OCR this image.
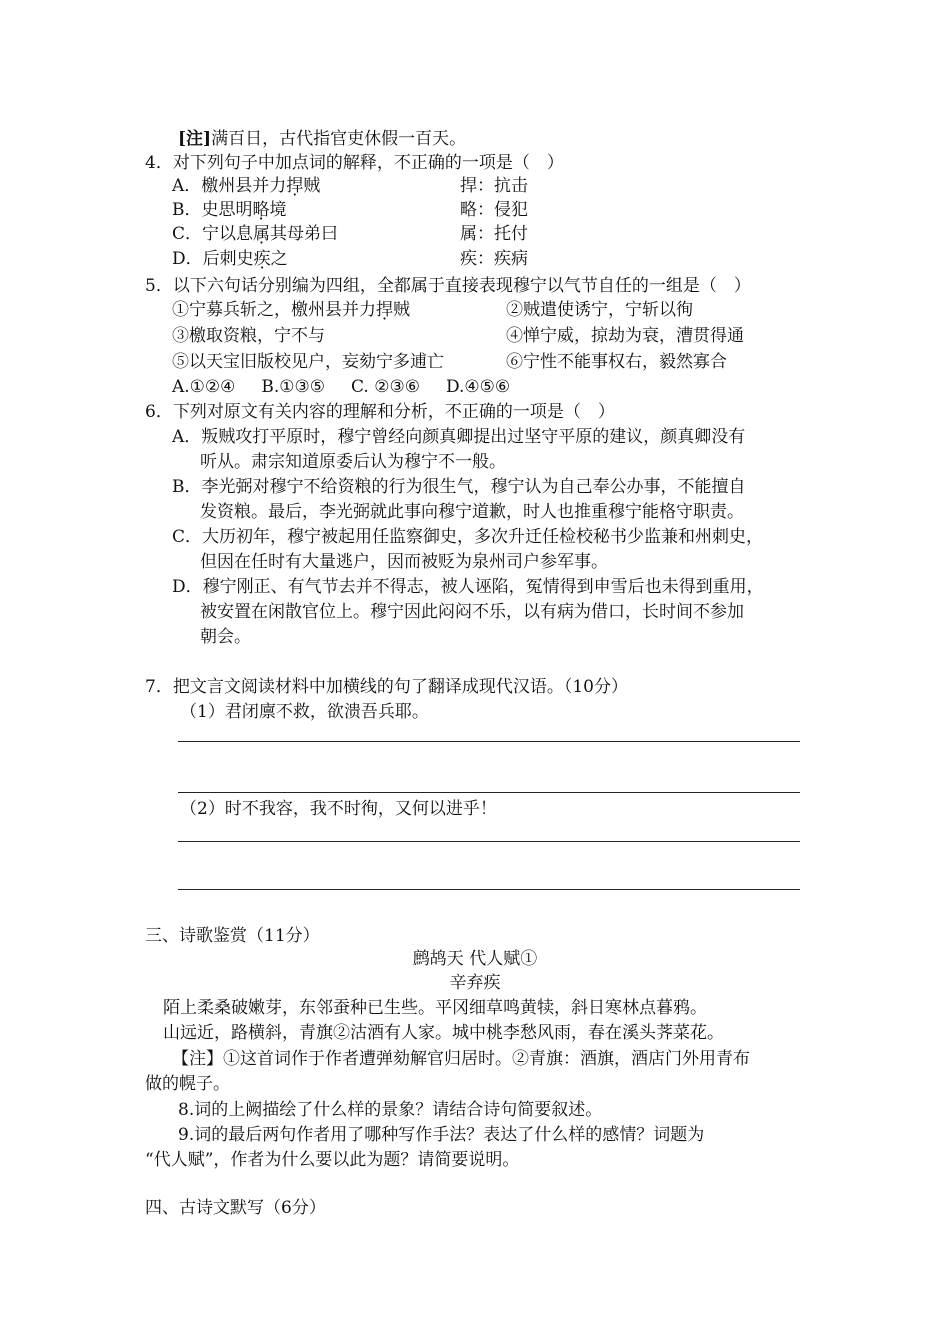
[注]满百日，古代指官吏休假一百天。
4．对下列句子中加点词的解释，不正确的一项是（　）
A．檄州县并力捍贼	捍：抗击
B．史思明略境	略：侵犯
C．宁以息属其母弟曰	属：托付
D．后刺史疾之	疾：疾病
5．以下六句话分别编为四组，全都属于直接表现穆宁以气节自任的一组是（　）
①宁募兵斩之，檄州县并力捍贼	②贼遣使诱宁，宁斩以徇
③檄取资粮，宁不与	④惮宁威，掠劫为衰，漕贯得通
⑤以天宝旧版校见户，妄劾宁多逋亡	⑥宁性不能事权右，毅然寡合
A.①②④ B.①③⑤ C. ②③⑥ D.④⑤⑥
6．下列对原文有关内容的理解和分析，不正确的一项是（　）
A．叛贼攻打平原时，穆宁曾经向颜真卿提出过坚守平原的建议，颜真卿没有
听从。肃宗知道原委后认为穆宁不一般。
B．李光弼对穆宁不给资粮的行为很生气，穆宁认为自己奉公办事，不能擅自
发资粮。最后，李光弼就此事向穆宁道歉，时人也推重穆宁能格守职责。
C．大历初年，穆宁被起用任监察御史，多次升迁任检校秘书少监兼和州刺史，
但因在任时有大量逃户，因而被贬为泉州司户参军事。
D．穆宁刚正、有气节去并不得志，被人诬陷，冤情得到申雪后也未得到重用，
被安置在闲散官位上。穆宁因此闷闷不乐，以有病为借口，长时间不参加
朝会。
7．把文言文阅读材料中加横线的句了翻译成现代汉语。（10分）
（1）君闭廪不救，欲溃吾兵耶。
（2）时不我容，我不时徇，又何以进乎！
三、诗歌鉴赏（11分）
鹧鸪天 代人赋①
辛弃疾
陌上柔桑破嫩芽，东邻蚕种已生些。平冈细草鸣黄犊，斜日寒林点暮鸦。
山远近，路横斜，青旗②沽酒有人家。城中桃李愁风雨，春在溪头荠菜花。
【注】①这首词作于作者遭弹劾解官归居时。②青旗：酒旗，酒店门外用青布
做的幌子。
8.词的上阙描绘了什么样的景象？请结合诗句简要叙述。
9.词的最后两句作者用了哪种写作手法？表达了什么样的感情？词题为
“代人赋”，作者为什么要以此为题？请简要说明。
四、古诗文默写（6分）
